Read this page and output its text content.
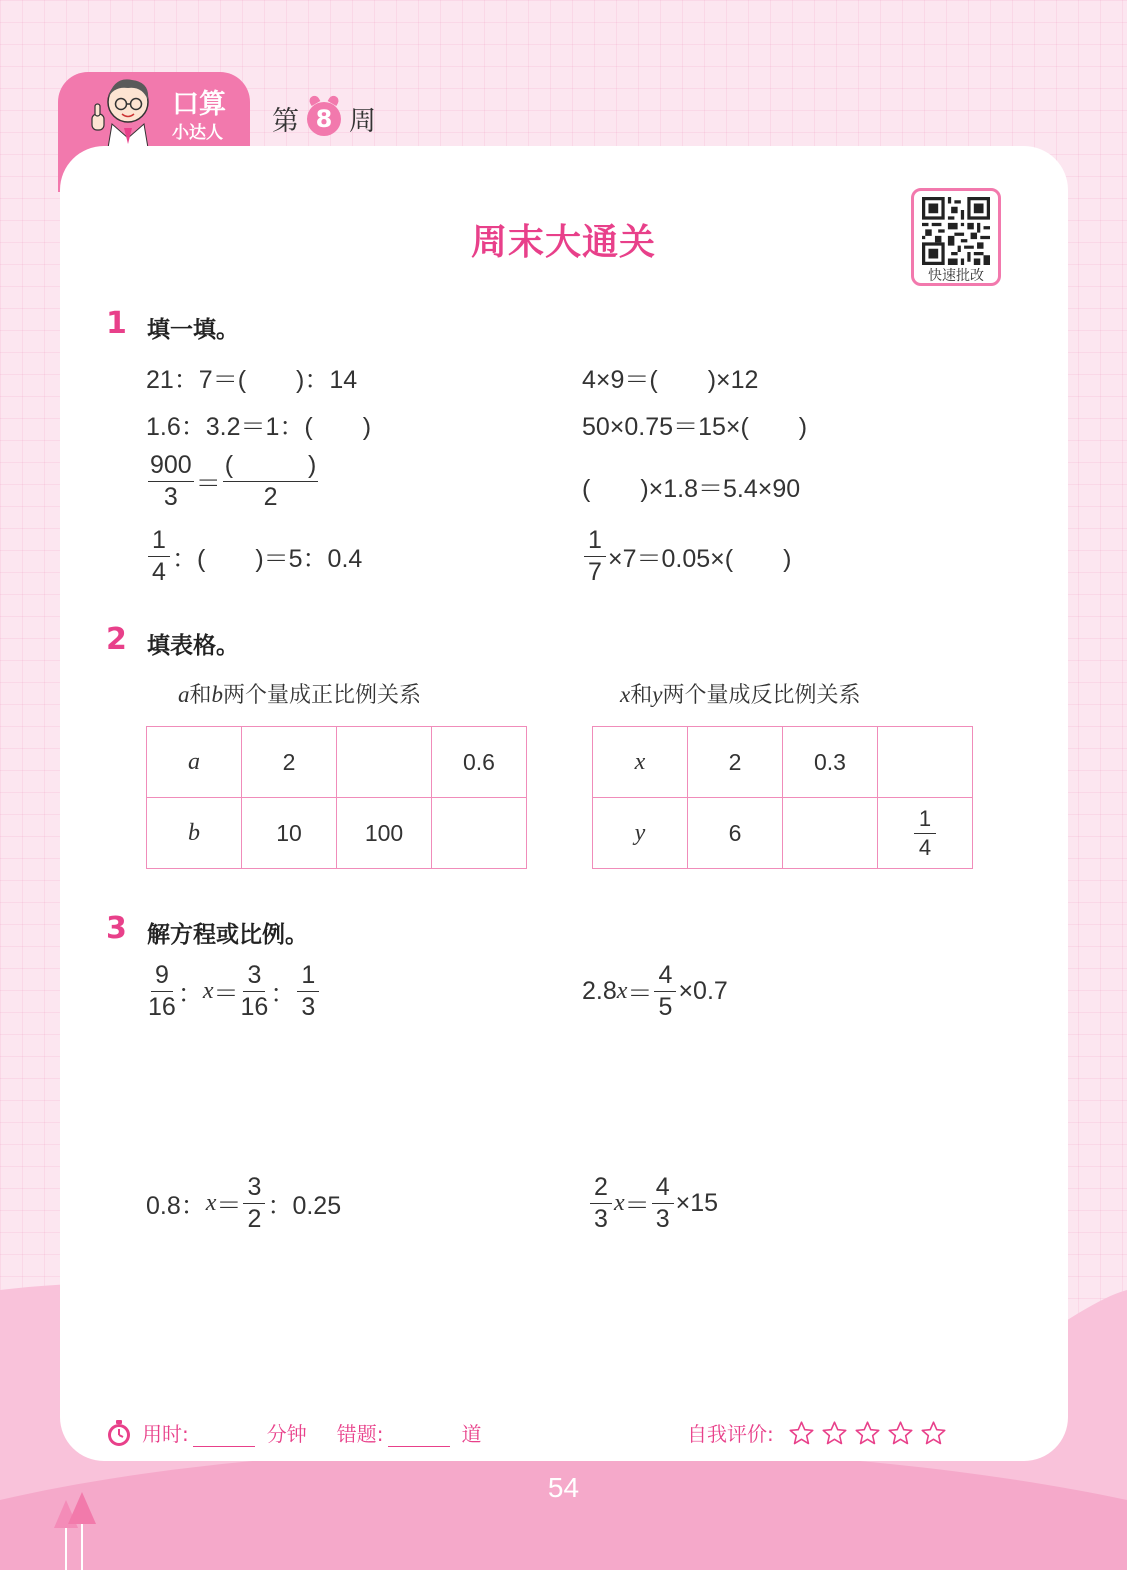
口算
小达人 第 8 周
周末大通关
快速批改
1 填一填。
21：7＝(　　)：14	4×9＝(　　)×12
1.6：3.2＝1：(　　)	50×0.75＝15×(　　)
$\frac{900}{3} = \frac{( )}{2}$	(　　)×1.8＝5.4×90
$\frac{1}{4}$ ：(　　)＝5：0.4	$\frac{1}{7} \times 7=0.05\times$(　　)
2 填表格。
a和b两个量成正比例关系
a	2		0.6
b	10	100	
x和y两个量成反比例关系
x	2	0.3	
y	6		$\frac{1}{4}$
3 解方程或比例。
$\frac{9}{16}$ ： $x = \frac{3}{16}$ ： $\frac{1}{3}$	2.8 $x = \frac{4}{5} \times 0.7$
0.8： $x = \frac{3}{2}$ ：0.25	$\frac{2}{3}$ $x = \frac{4}{3} \times 15$
用时:	分钟 错题:	道	自我评价:
54
